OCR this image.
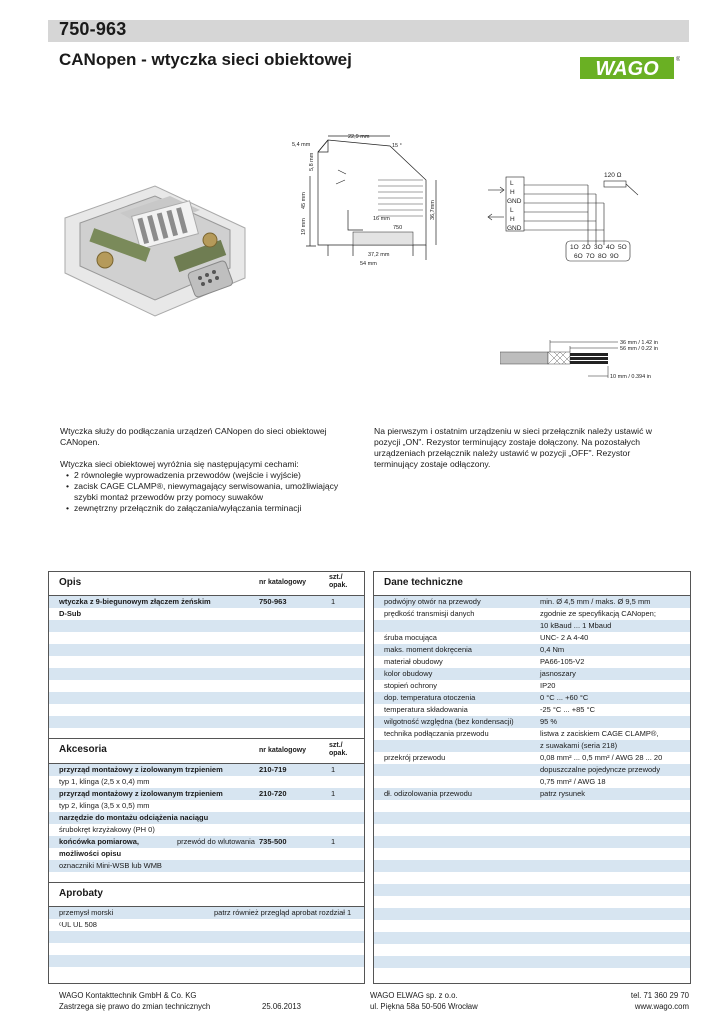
750-963
CANopen - wtyczka sieci obiektowej	WAGO	®
22,9 mm
5,4 mm	15 °
5,8 mm
45 mm
19 mm	16 mm	36,7mm
750
37,2 mm
54 mm
L
H
GND
L
H
GND
120 Ω
1O 2O 3O 4O 5O
6O 7O 8O 9O
36 mm / 1.42 in
56 mm / 0.22 in
10 mm / 0.394 in

Wtyczka służy do podłączania urządzeń CANopen do sieci obiektowej CANopen.

Wtyczka sieci obiektowej wyróżnia się następującymi cechami:
• 2 równoległe wyprowadzenia przewodów (wejście i wyjście)
• zacisk CAGE CLAMP®, niewymagający serwisowania, umożliwiający szybki montaż przewodów przy pomocy suwaków
• zewnętrzny przełącznik do załączania/wyłączania terminacji
Na pierwszym i ostatnim urządzeniu w sieci przełącznik należy ustawić w pozycji „ON". Rezystor terminujący zostaje dołączony. Na pozostałych urządzeniach przełącznik należy ustawić w pozycji „OFF". Rezystor terminujący zostaje odłączony.
Opis	nr katalogowy
szt./ opak.
wtyczka z 9-biegunowym złączem żeńskim	750-963	1
D-Sub
Akcesoria	nr katalogowy
szt./ opak.
przyrząd montażowy z izolowanym trzpieniem	210-719	1
typ 1, klinga (2,5 x 0,4) mm
przyrząd montażowy z izolowanym trzpieniem	210-720	1
typ 2, klinga (3,5 x 0,5) mm
narzędzie do montażu odciążenia naciągu
śrubokręt krzyżakowy (PH 0)
końcówka pomiarowa,	przewód do wlutowania 735-500	1
możliwości opisu
oznaczniki Mini-WSB lub WMB
Aprobaty
przemysł morski	patrz również przegląd aprobat rozdział 1
ᶜUL UL 508
Dane techniczne
podwójny otwór na przewody	min. Ø 4,5 mm / maks. Ø 9,5 mm
prędkość transmisji danych	zgodnie ze specyfikacją CANopen;
10 kBaud ... 1 Mbaud
śruba mocująca	UNC- 2 A 4-40
maks. moment dokręcenia	0,4 Nm
materiał obudowy	PA66-105-V2
kolor obudowy	jasnoszary
stopień ochrony	IP20
dop. temperatura otoczenia	0 °C ... +60 °C
temperatura składowania	-25 °C ... +85 °C
wilgotność względna (bez kondensacji)	95 %
technika podłączania przewodu	listwa z zaciskiem CAGE CLAMP®,
z suwakami (seria 218)
przekrój przewodu	0,08 mm² ... 0,5 mm² / AWG 28 ... 20
dopuszczalne pojedyncze przewody
0,75 mm² / AWG 18
dł. odizolowania przewodu	patrz rysunek
WAGO Kontakttechnik GmbH & Co. KG
Zastrzega się prawo do zmian technicznych	25.06.2013
WAGO ELWAG sp. z o.o.
ul. Piękna 58a 50-506 Wrocław
tel. 71 360 29 70
www.wago.com
